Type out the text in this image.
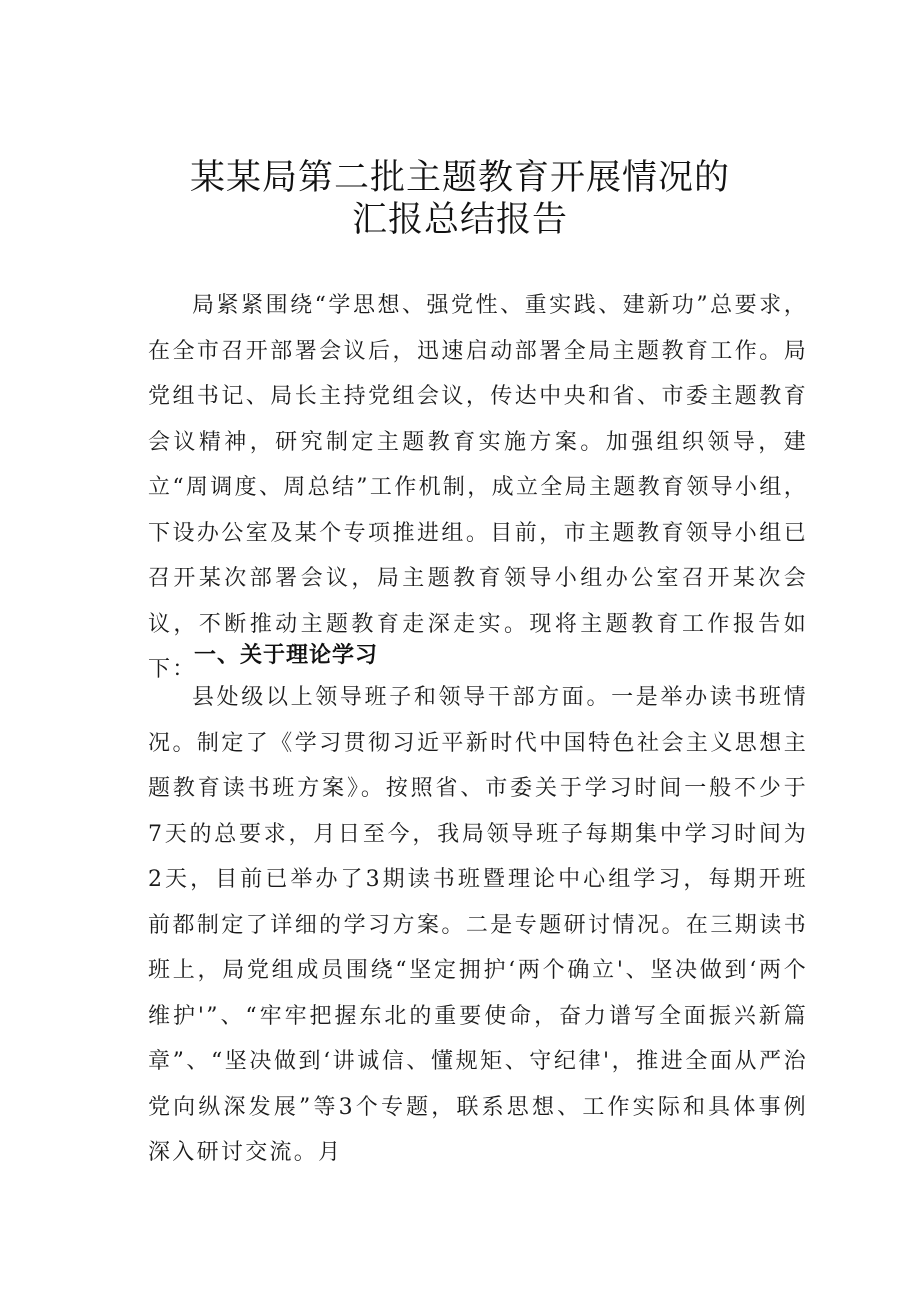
某某局第二批主题教育开展情况的
汇报总结报告
局紧紧围绕“学思想、强党性、重实践、建新功”总要求，在全市召开部署会议后，迅速启动部署全局主题教育工作。局党组书记、局长主持党组会议，传达中央和省、市委主题教育会议精神，研究制定主题教育实施方案。加强组织领导，建立“周调度、周总结”工作机制，成立全局主题教育领导小组，下设办公室及某个专项推进组。目前，市主题教育领导小组已召开某次部署会议，局主题教育领导小组办公室召开某次会议，不断推动主题教育走深走实。现将主题教育工作报告如下：
一、关于理论学习
县处级以上领导班子和领导干部方面。一是举办读书班情况。制定了《学习贯彻习近平新时代中国特色社会主义思想主题教育读书班方案》。按照省、市委关于学习时间一般不少于7天的总要求，月日至今，我局领导班子每期集中学习时间为2天，目前已举办了3期读书班暨理论中心组学习，每期开班前都制定了详细的学习方案。二是专题研讨情况。在三期读书班上，局党组成员围绕“坚定拥护‘两个确立'、坚决做到‘两个维护'”、“牢牢把握东北的重要使命，奋力谱写全面振兴新篇章”、“坚决做到‘讲诚信、懂规矩、守纪律'，推进全面从严治党向纵深发展”等3个专题，联系思想、工作实际和具体事例深入研讨交流。月
